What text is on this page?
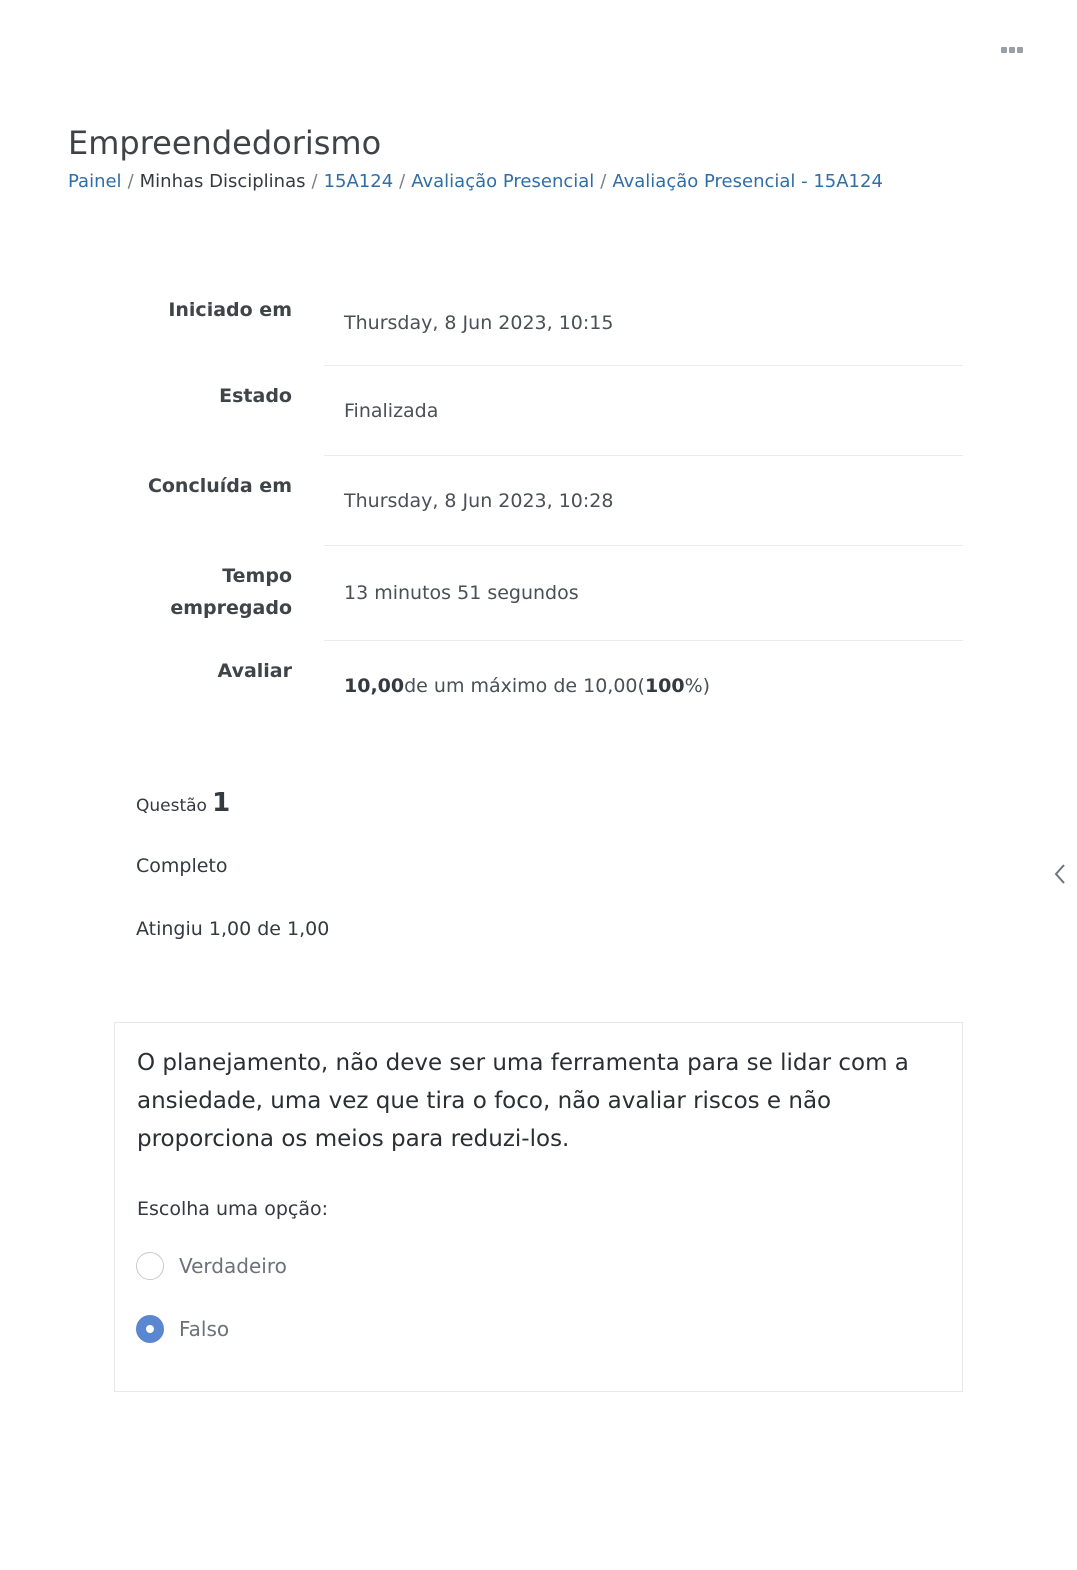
Empreendedorismo
Painel / Minhas Disciplinas / 15A124 / Avaliação Presencial / Avaliação Presencial - 15A124
Iniciado em
Thursday, 8 Jun 2023, 10:15
Estado
Finalizada
Concluída em
Thursday, 8 Jun 2023, 10:28
Tempo
empregado
13 minutos 51 segundos
Avaliar
10,00 de um máximo de 10,00( 100 %)
Questão 1
Completo
Atingiu 1,00 de 1,00

O planejamento, não deve ser uma ferramenta para se lidar com a ansiedade, uma vez que tira o foco, não avaliar riscos e não proporciona os meios para reduzi-los.

Escolha uma opção:
Verdadeiro
Falso
